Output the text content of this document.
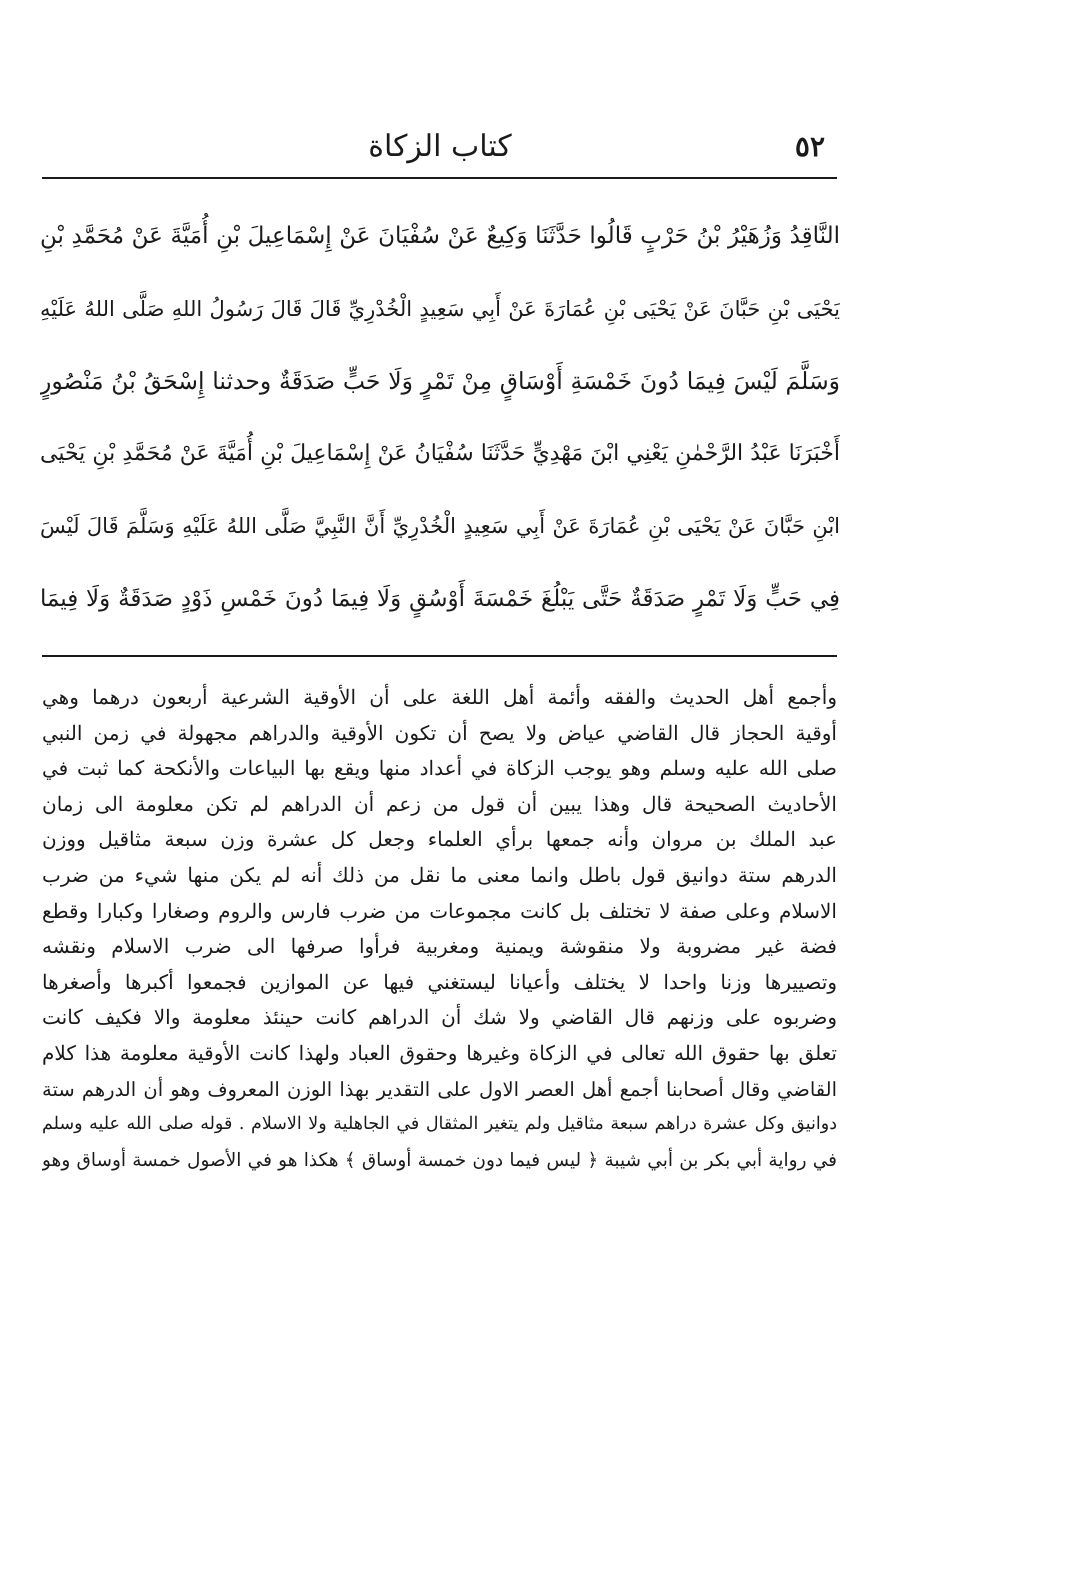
كتاب الزكاة	٥٢
النَّاقِدُ وَزُهَيْرُ بْنُ حَرْبٍ قَالُوا حَدَّثَنَا وَكِيعٌ عَنْ سُفْيَانَ عَنْ إِسْمَاعِيلَ بْنِ أُمَيَّةَ عَنْ مُحَمَّدِ بْنِ
يَحْيَى بْنِ حَبَّانَ عَنْ يَحْيَى بْنِ عُمَارَةَ عَنْ أَبِي سَعِيدٍ الْخُدْرِيِّ قَالَ قَالَ رَسُولُ اللهِ صَلَّى اللهُ عَلَيْهِ
وَسَلَّمَ لَيْسَ فِيمَا دُونَ خَمْسَةِ أَوْسَاقٍ مِنْ تَمْرٍ وَلَا حَبٍّ صَدَقَةٌ وحدثنا إِسْحَقُ بْنُ مَنْصُورٍ
أَخْبَرَنَا عَبْدُ الرَّحْمٰنِ يَعْنِي ابْنَ مَهْدِيٍّ حَدَّثَنَا سُفْيَانُ عَنْ إِسْمَاعِيلَ بْنِ أُمَيَّةَ عَنْ مُحَمَّدِ بْنِ يَحْيَى
ابْنِ حَبَّانَ عَنْ يَحْيَى بْنِ عُمَارَةَ عَنْ أَبِي سَعِيدٍ الْخُدْرِيِّ أَنَّ النَّبِيَّ صَلَّى اللهُ عَلَيْهِ وَسَلَّمَ قَالَ لَيْسَ
فِي حَبٍّ وَلَا تَمْرٍ صَدَقَةٌ حَتَّى يَبْلُغَ خَمْسَةَ أَوْسُقٍ وَلَا فِيمَا دُونَ خَمْسِ ذَوْدٍ صَدَقَةٌ وَلَا فِيمَا
وأجمع أهل الحديث والفقه وأئمة أهل اللغة على أن الأوقية الشرعية أربعون درهما وهي
أوقية الحجاز قال القاضي عياض ولا يصح أن تكون الأوقية والدراهم مجهولة في زمن النبي
صلى الله عليه وسلم وهو يوجب الزكاة في أعداد منها ويقع بها البياعات والأنكحة كما ثبت في
الأحاديث الصحيحة قال وهذا يبين أن قول من زعم أن الدراهم لم تكن معلومة الى زمان
عبد الملك بن مروان وأنه جمعها برأي العلماء وجعل كل عشرة وزن سبعة مثاقيل ووزن
الدرهم ستة دوانيق قول باطل وانما معنى ما نقل من ذلك أنه لم يكن منها شيء من ضرب
الاسلام وعلى صفة لا تختلف بل كانت مجموعات من ضرب فارس والروم وصغارا وكبارا وقطع
فضة غير مضروبة ولا منقوشة ويمنية ومغربية فرأوا صرفها الى ضرب الاسلام ونقشه
وتصييرها وزنا واحدا لا يختلف وأعيانا ليستغني فيها عن الموازين فجمعوا أكبرها وأصغرها
وضربوه على وزنهم قال القاضي ولا شك أن الدراهم كانت حينئذ معلومة والا فكيف كانت
تعلق بها حقوق الله تعالى في الزكاة وغيرها وحقوق العباد ولهذا كانت الأوقية معلومة هذا كلام
القاضي وقال أصحابنا أجمع أهل العصر الاول على التقدير بهذا الوزن المعروف وهو أن الدرهم ستة
دوانيق وكل عشرة دراهم سبعة مثاقيل ولم يتغير المثقال في الجاهلية ولا الاسلام . قوله صلى الله عليه وسلم
في رواية أبي بكر بن أبي شيبة ﴿ ليس فيما دون خمسة أوساق ﴾ هكذا هو في الأصول خمسة أوساق وهو
